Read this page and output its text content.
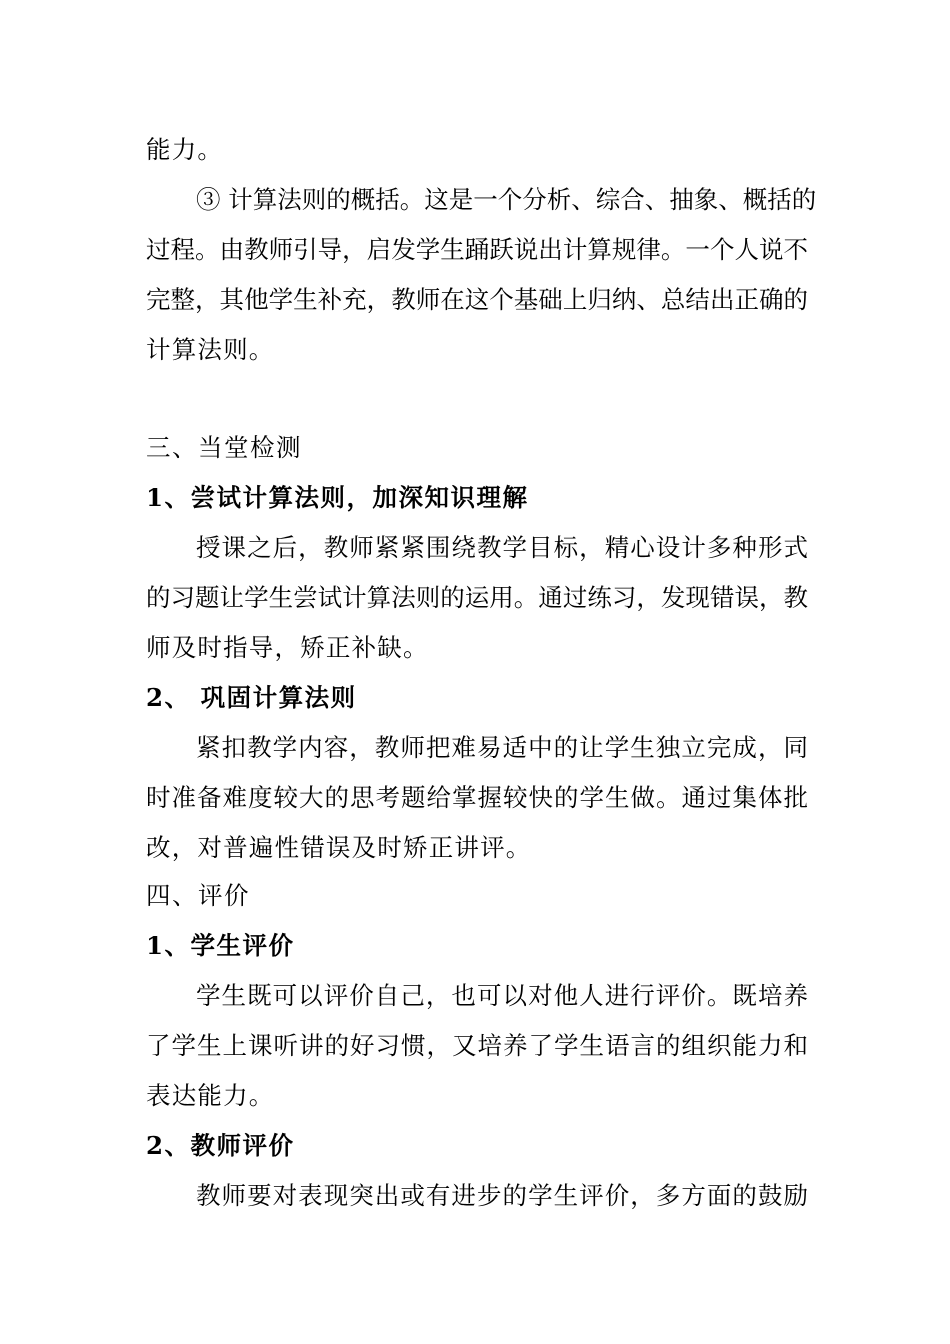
能力。
③ 计算法则的概括。这是一个分析、综合、抽象、概括的
过程。由教师引导，启发学生踊跃说出计算规律。一个人说不
完整，其他学生补充，教师在这个基础上归纳、总结出正确的
计算法则。
三、当堂检测
1、尝试计算法则，加深知识理解
授课之后，教师紧紧围绕教学目标，精心设计多种形式
的习题让学生尝试计算法则的运用。通过练习，发现错误，教
师及时指导，矫正补缺。
2、 巩固计算法则
紧扣教学内容，教师把难易适中的让学生独立完成，同
时准备难度较大的思考题给掌握较快的学生做。通过集体批
改，对普遍性错误及时矫正讲评。
四、评价
1、学生评价
学生既可以评价自己，也可以对他人进行评价。既培养
了学生上课听讲的好习惯，又培养了学生语言的组织能力和
表达能力。
2、教师评价
教师要对表现突出或有进步的学生评价，多方面的鼓励
